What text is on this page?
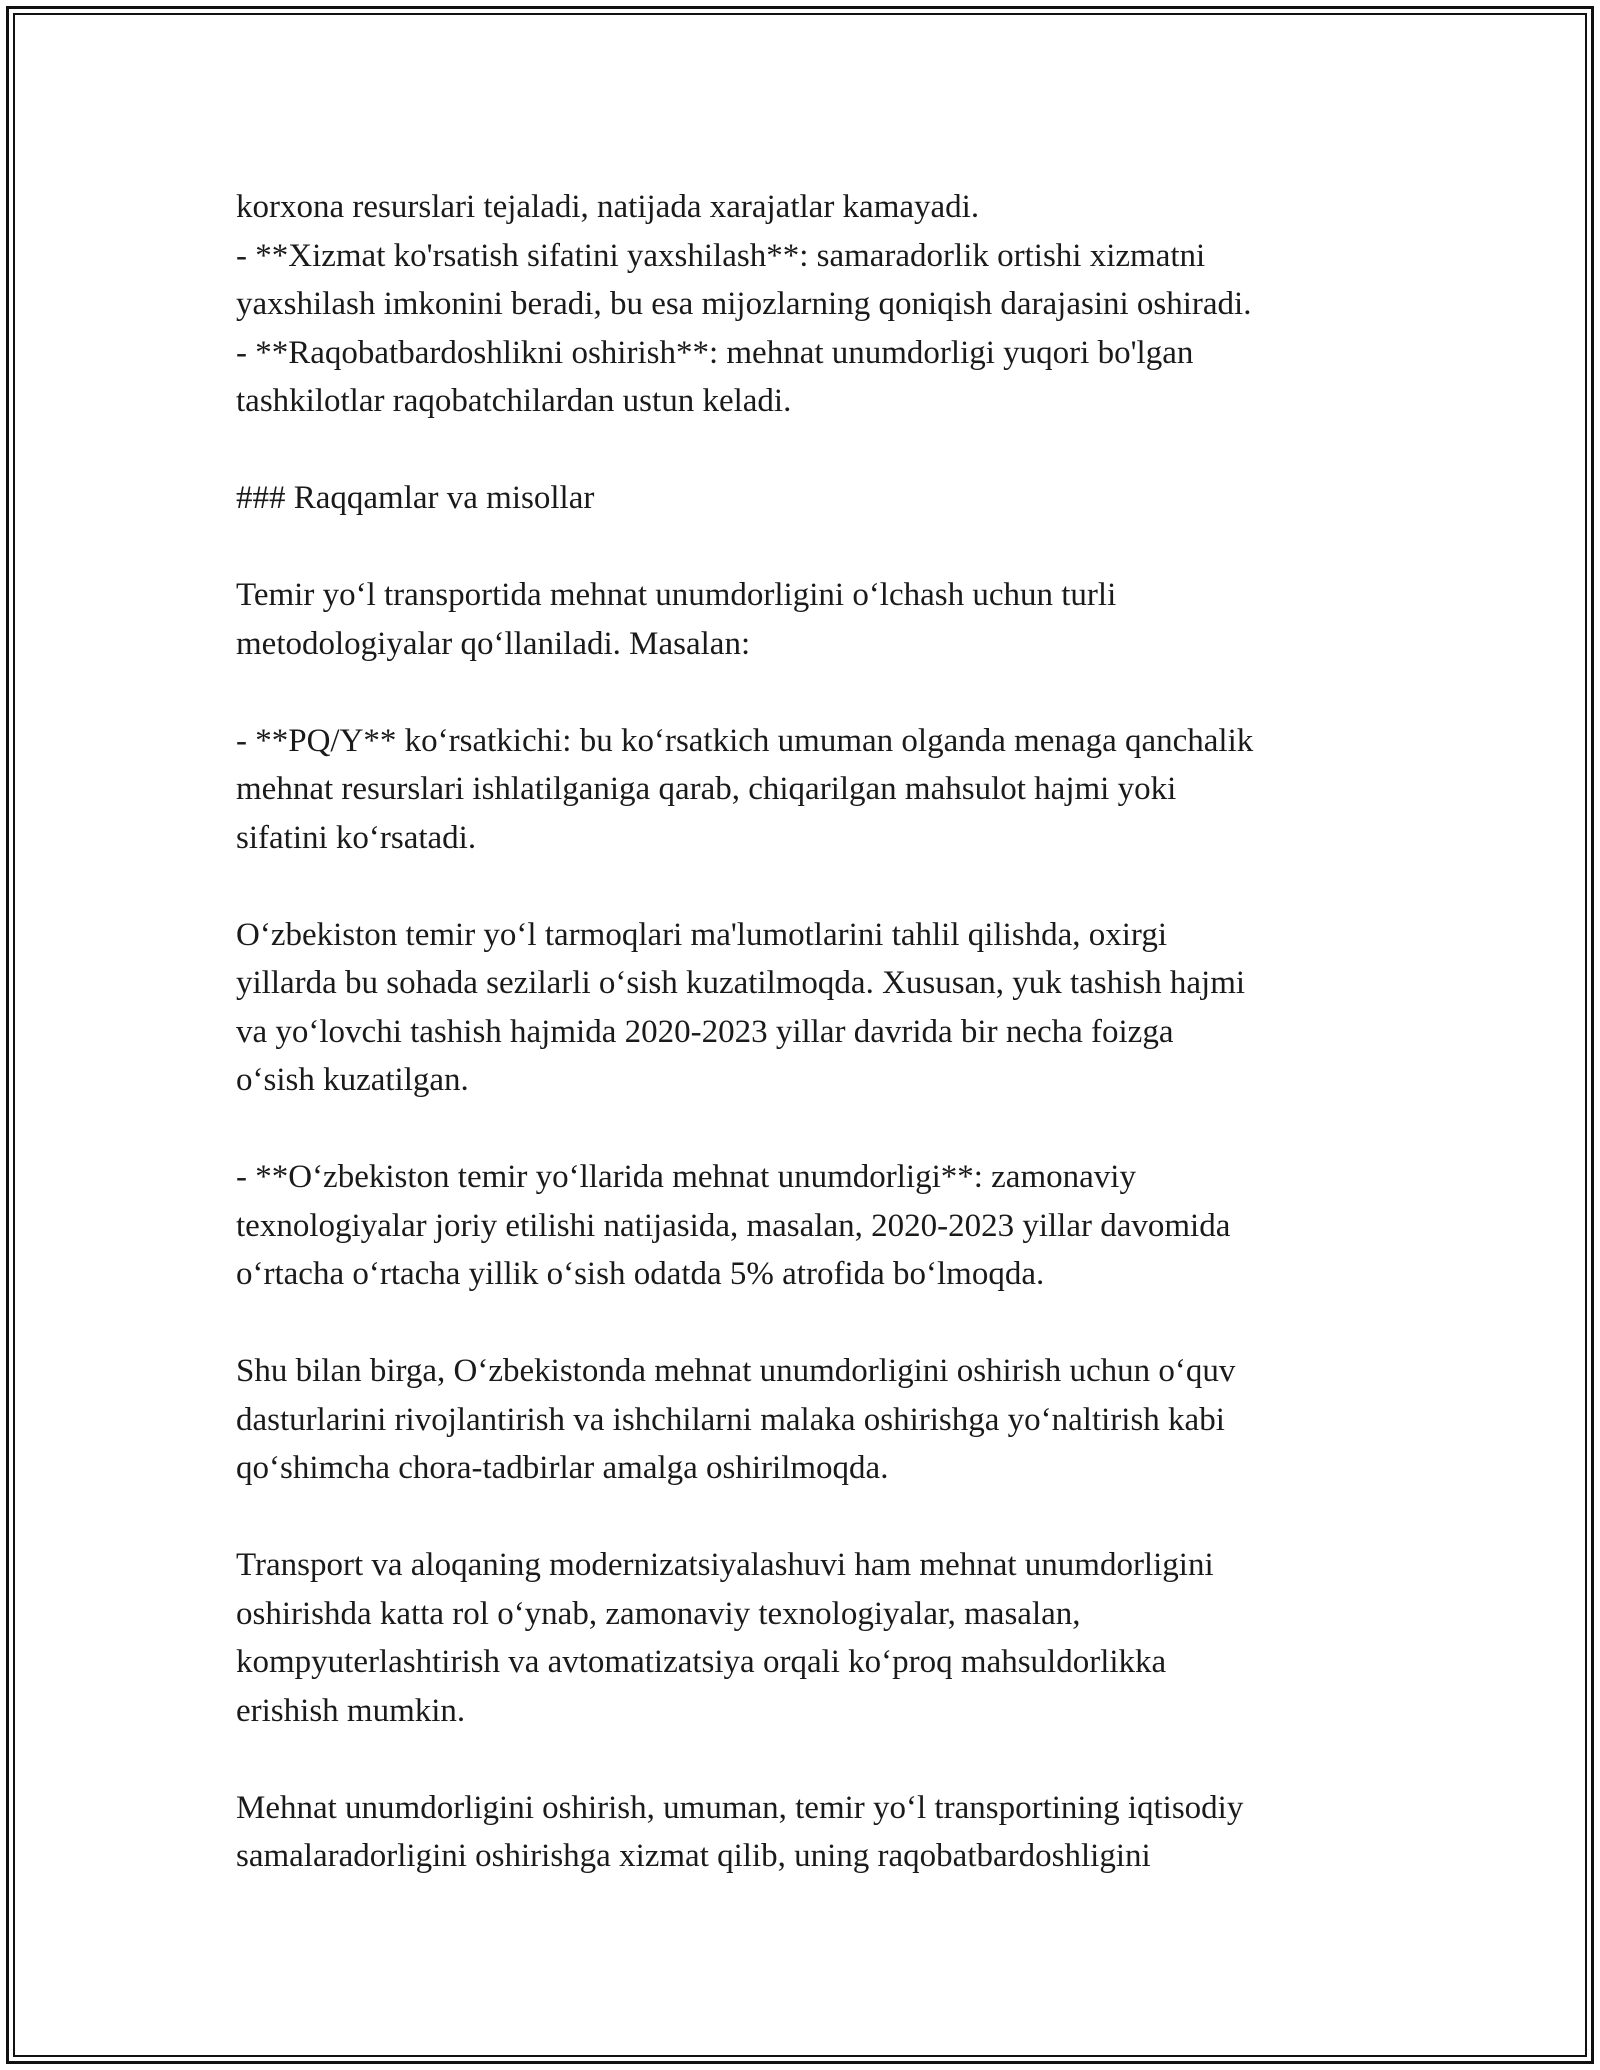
korxona resurslari tejaladi, natijada xarajatlar kamayadi.
- **Xizmat ko'rsatish sifatini yaxshilash**: samaradorlik ortishi xizmatni
yaxshilash imkonini beradi, bu esa mijozlarning qoniqish darajasini oshiradi.
- **Raqobatbardoshlikni oshirish**: mehnat unumdorligi yuqori bo'lgan
tashkilotlar raqobatchilardan ustun keladi.

### Raqqamlar va misollar

Temir yo‘l transportida mehnat unumdorligini o‘lchash uchun turli
metodologiyalar qo‘llaniladi. Masalan:

- **PQ/Y** ko‘rsatkichi: bu ko‘rsatkich umuman olganda menaga qanchalik
mehnat resurslari ishlatilganiga qarab, chiqarilgan mahsulot hajmi yoki
sifatini ko‘rsatadi.

O‘zbekiston temir yo‘l tarmoqlari ma'lumotlarini tahlil qilishda, oxirgi
yillarda bu sohada sezilarli o‘sish kuzatilmoqda. Xususan, yuk tashish hajmi
va yo‘lovchi tashish hajmida 2020-2023 yillar davrida bir necha foizga
o‘sish kuzatilgan.

- **O‘zbekiston temir yo‘llarida mehnat unumdorligi**: zamonaviy
texnologiyalar joriy etilishi natijasida, masalan, 2020-2023 yillar davomida
o‘rtacha o‘rtacha yillik o‘sish odatda 5% atrofida bo‘lmoqda.

Shu bilan birga, O‘zbekistonda mehnat unumdorligini oshirish uchun o‘quv
dasturlarini rivojlantirish va ishchilarni malaka oshirishga yo‘naltirish kabi
qo‘shimcha chora-tadbirlar amalga oshirilmoqda.

Transport va aloqaning modernizatsiyalashuvi ham mehnat unumdorligini
oshirishda katta rol o‘ynab, zamonaviy texnologiyalar, masalan,
kompyuterlashtirish va avtomatizatsiya orqali ko‘proq mahsuldorlikka
erishish mumkin.

Mehnat unumdorligini oshirish, umuman, temir yo‘l transportining iqtisodiy
samalaradorligini oshirishga xizmat qilib, uning raqobatbardoshligini
